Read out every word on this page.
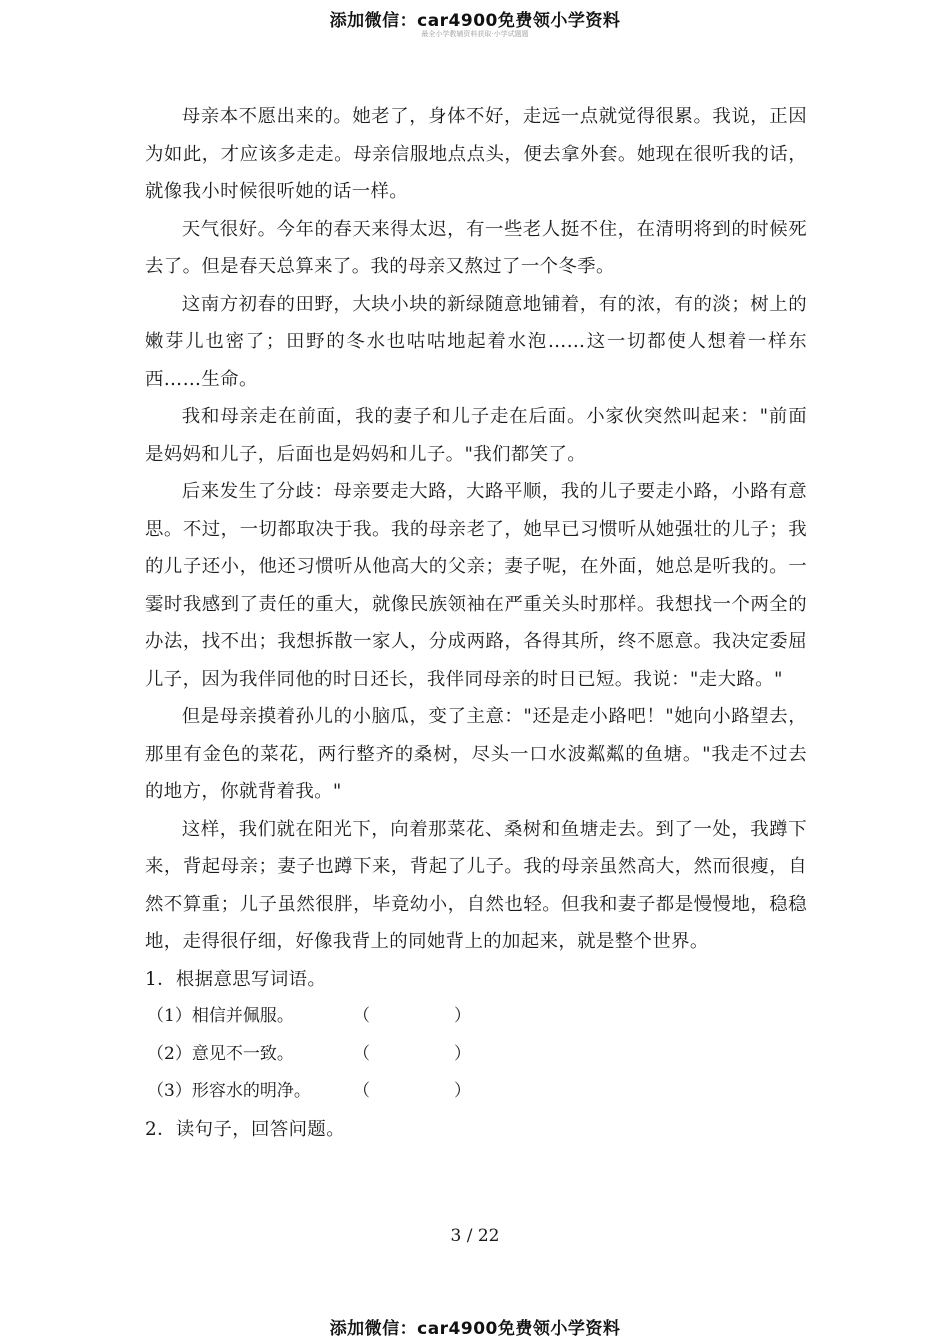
添加微信：car4900免费领小学资料
最全小学教辅资料获取·小学试题题

母亲本不愿出来的。她老了，身体不好，走远一点就觉得很累。我说，正因为如此，才应该多走走。母亲信服地点点头，便去拿外套。她现在很听我的话，就像我小时候很听她的话一样。

天气很好。今年的春天来得太迟，有一些老人挺不住，在清明将到的时候死去了。但是春天总算来了。我的母亲又熬过了一个冬季。

这南方初春的田野，大块小块的新绿随意地铺着，有的浓，有的淡；树上的嫩芽儿也密了；田野的冬水也咕咕地起着水泡……这一切都使人想着一样东西……生命。

我和母亲走在前面，我的妻子和儿子走在后面。小家伙突然叫起来："前面是妈妈和儿子，后面也是妈妈和儿子。"我们都笑了。

后来发生了分歧：母亲要走大路，大路平顺，我的儿子要走小路，小路有意思。不过，一切都取决于我。我的母亲老了，她早已习惯听从她强壮的儿子；我的儿子还小，他还习惯听从他高大的父亲；妻子呢，在外面，她总是听我的。一霎时我感到了责任的重大，就像民族领袖在严重关头时那样。我想找一个两全的办法，找不出；我想拆散一家人，分成两路，各得其所，终不愿意。我决定委屈儿子，因为我伴同他的时日还长，我伴同母亲的时日已短。我说："走大路。"

但是母亲摸着孙儿的小脑瓜，变了主意："还是走小路吧！"她向小路望去，那里有金色的菜花，两行整齐的桑树，尽头一口水波粼粼的鱼塘。"我走不过去的地方，你就背着我。"

这样，我们就在阳光下，向着那菜花、桑树和鱼塘走去。到了一处，我蹲下来，背起母亲；妻子也蹲下来，背起了儿子。我的母亲虽然高大，然而很瘦，自然不算重；儿子虽然很胖，毕竟幼小，自然也轻。但我和妻子都是慢慢地，稳稳地，走得很仔细，好像我背上的同她背上的加起来，就是整个世界。

1．根据意思写词语。

（1）相信并佩服。	（	）
（2）意见不一致。	（	）
（3）形容水的明净。 （	）

2．读句子，回答问题。

3 / 22
添加微信：car4900免费领小学资料
